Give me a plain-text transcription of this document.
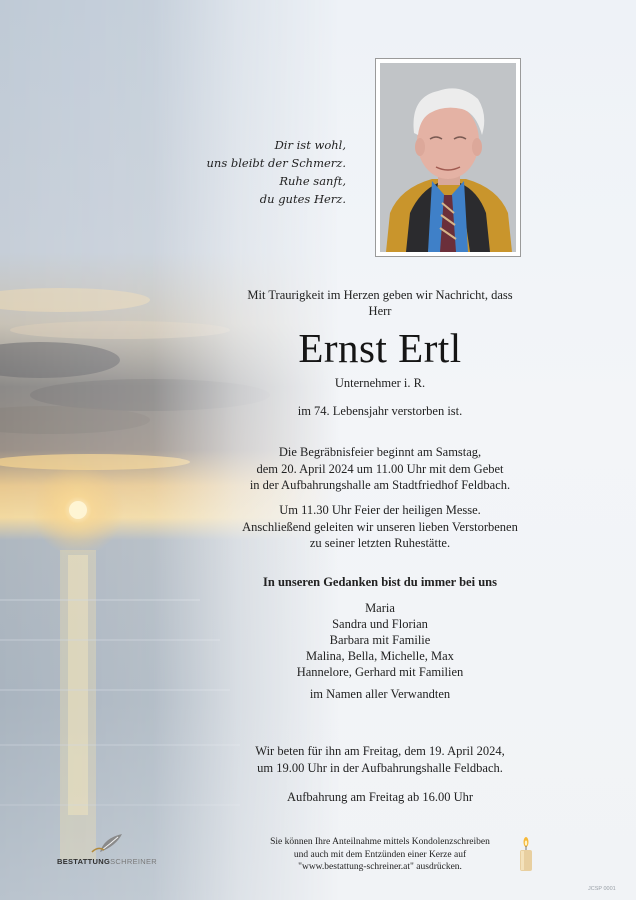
Dir ist wohl,
uns bleibt der Schmerz.
Ruhe sanft,
du gutes Herz.
Mit Traurigkeit im Herzen geben wir Nachricht, dass
Herr
Ernst Ertl
Unternehmer i. R.
im 74. Lebensjahr verstorben ist.
Die Begräbnisfeier beginnt am Samstag,
dem 20. April 2024 um 11.00 Uhr mit dem Gebet
in der Aufbahrungshalle am Stadtfriedhof Feldbach.
Um 11.30 Uhr Feier der heiligen Messe.
Anschließend geleiten wir unseren lieben Verstorbenen
zu seiner letzten Ruhestätte.
In unseren Gedanken bist du immer bei uns
Maria
Sandra und Florian
Barbara mit Familie
Malina, Bella, Michelle, Max
Hannelore, Gerhard mit Familien
im Namen aller Verwandten
Wir beten für ihn am Freitag, dem 19. April 2024,
um 19.00 Uhr in der Aufbahrungshalle Feldbach.
Aufbahrung am Freitag ab 16.00 Uhr
Sie können Ihre Anteilnahme mittels Kondolenzschreiben
und auch mit dem Entzünden einer Kerze auf
"www.bestattung-schreiner.at" ausdrücken.
BESTATTUNGSCHREINER
JCSP 0001
